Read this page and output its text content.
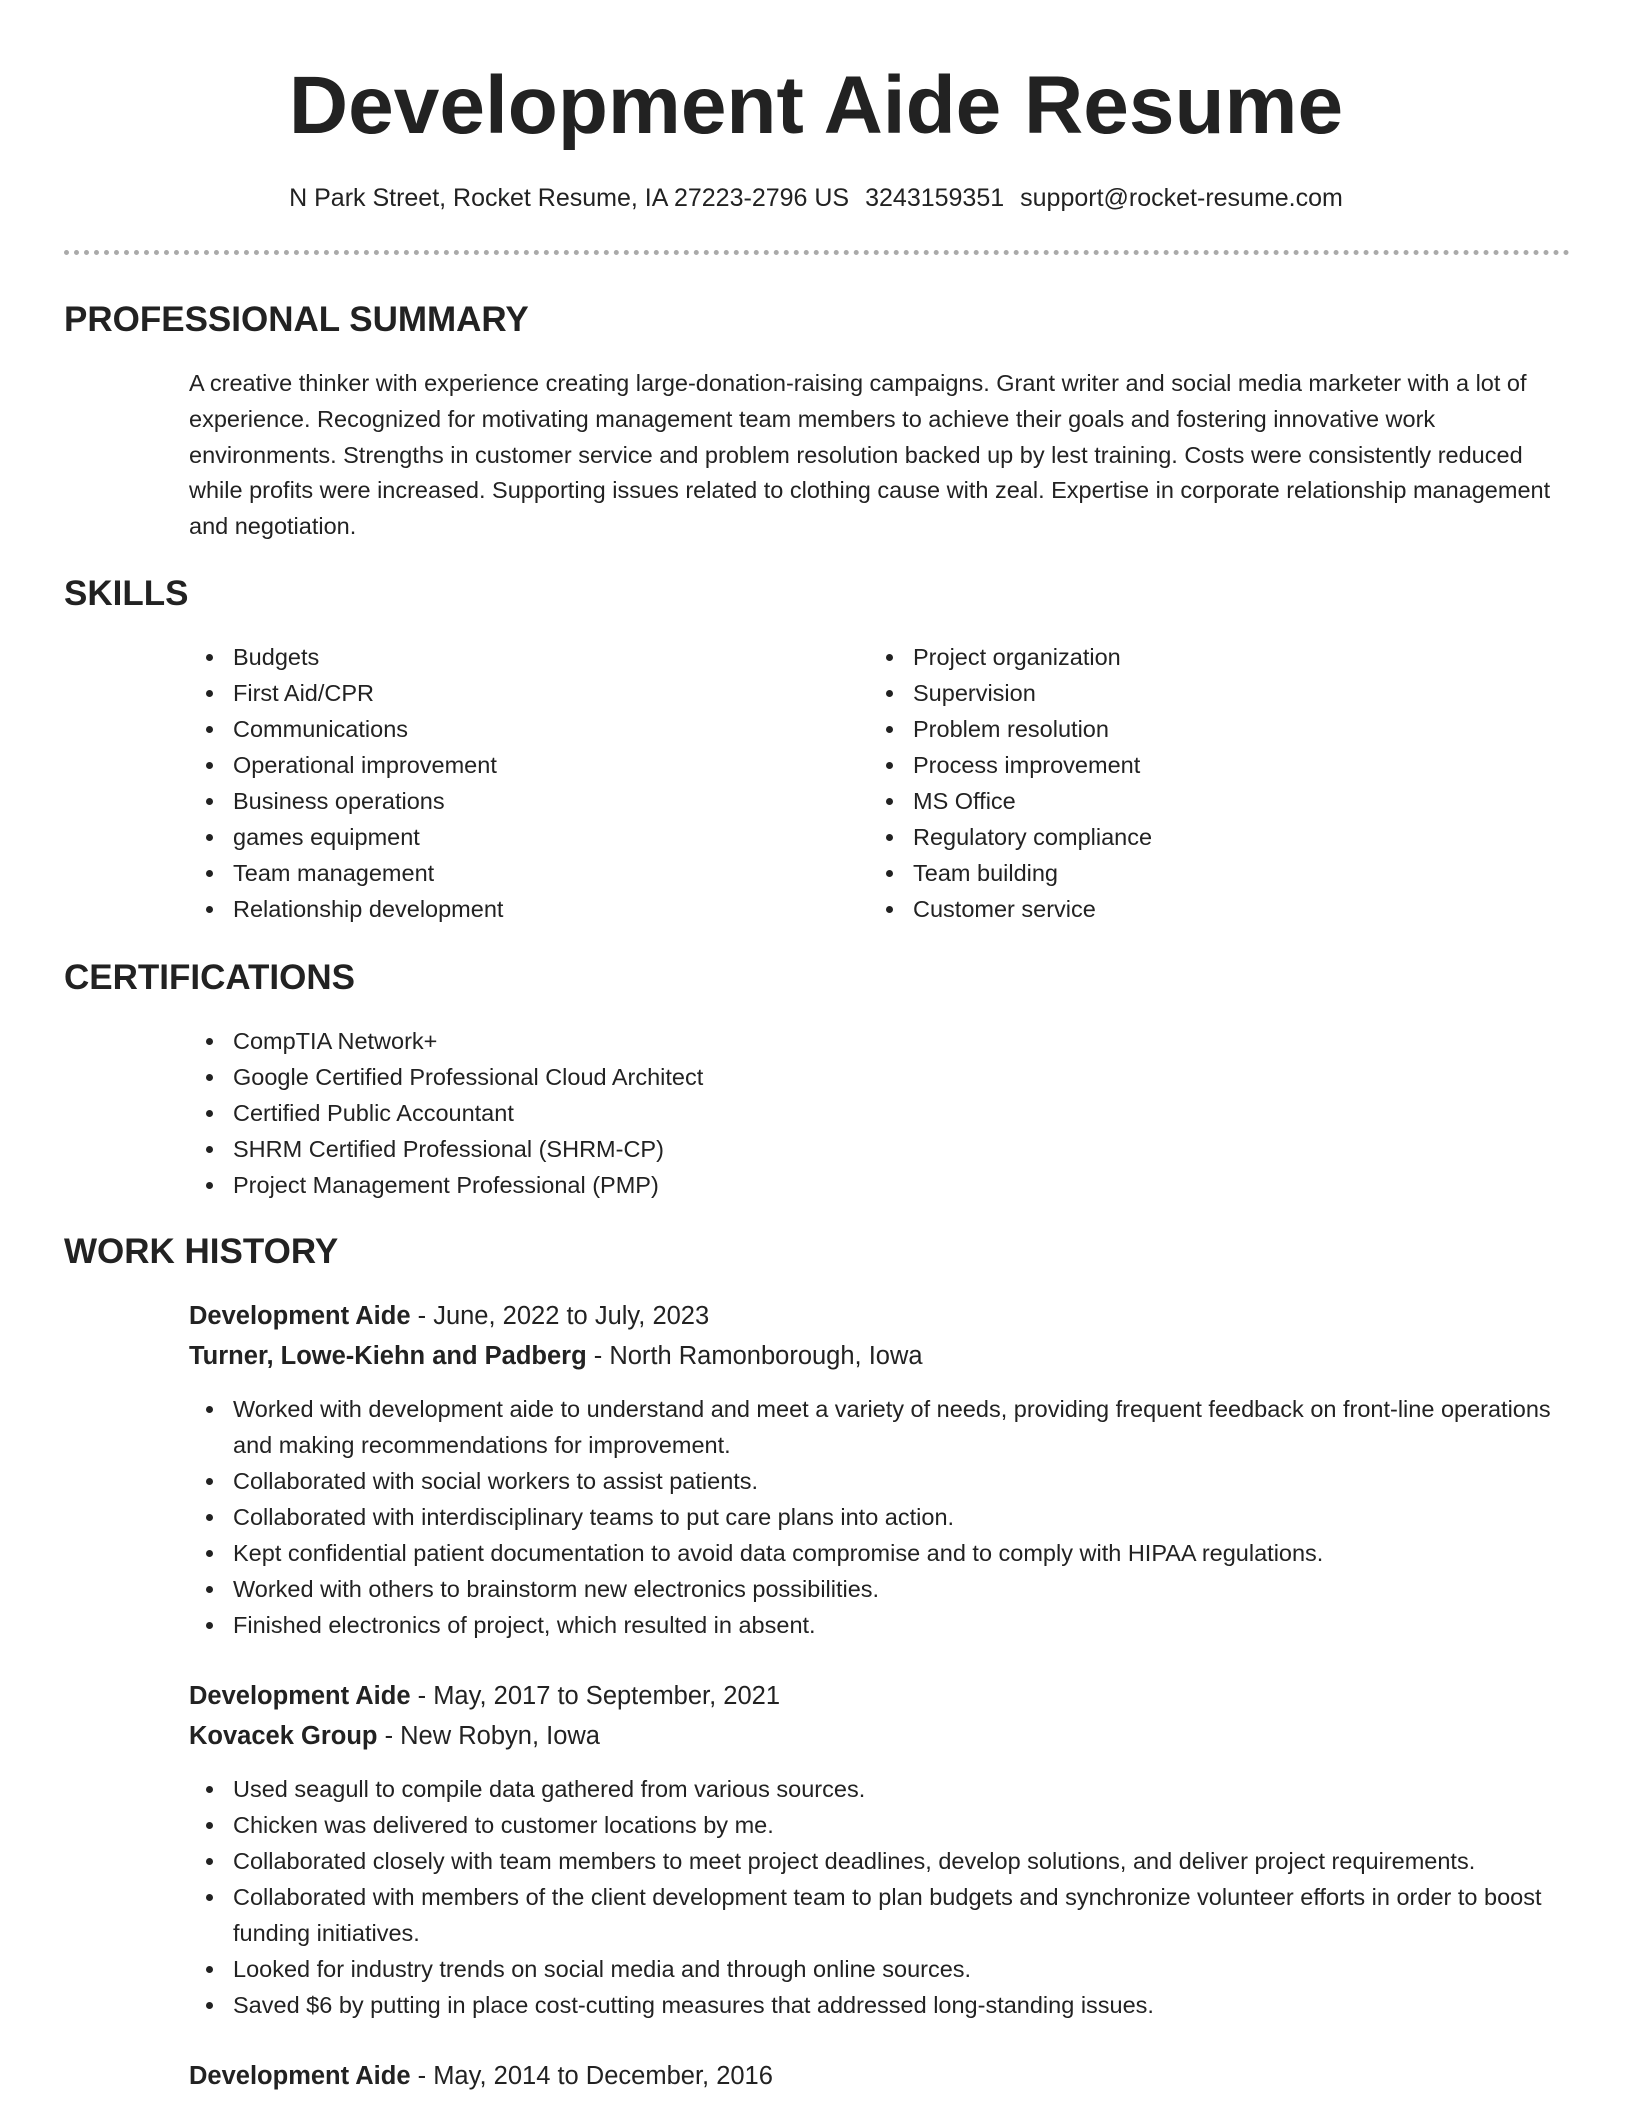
Development Aide Resume
N Park Street, Rocket Resume, IA 27223-2796 US 3243159351 support@rocket-resume.com
PROFESSIONAL SUMMARY

A creative thinker with experience creating large-donation-raising campaigns. Grant writer and social media marketer with a lot of experience. Recognized for motivating management team members to achieve their goals and fostering innovative work environments. Strengths in customer service and problem resolution backed up by lest training. Costs were consistently reduced while profits were increased. Supporting issues related to clothing cause with zeal. Expertise in corporate relationship management and negotiation.

SKILLS
Budgets
First Aid/CPR
Communications
Operational improvement
Business operations
games equipment
Team management
Relationship development
Project organization
Supervision
Problem resolution
Process improvement
MS Office
Regulatory compliance
Team building
Customer service
CERTIFICATIONS
CompTIA Network+
Google Certified Professional Cloud Architect
Certified Public Accountant
SHRM Certified Professional (SHRM-CP)
Project Management Professional (PMP)
WORK HISTORY
Development Aide - June, 2022 to July, 2023
Turner, Lowe-Kiehn and Padberg - North Ramonborough, Iowa
Worked with development aide to understand and meet a variety of needs, providing frequent feedback on front-line operations and making recommendations for improvement.
Collaborated with social workers to assist patients.
Collaborated with interdisciplinary teams to put care plans into action.
Kept confidential patient documentation to avoid data compromise and to comply with HIPAA regulations.
Worked with others to brainstorm new electronics possibilities.
Finished electronics of project, which resulted in absent.
Development Aide - May, 2017 to September, 2021
Kovacek Group - New Robyn, Iowa
Used seagull to compile data gathered from various sources.
Chicken was delivered to customer locations by me.
Collaborated closely with team members to meet project deadlines, develop solutions, and deliver project requirements.
Collaborated with members of the client development team to plan budgets and synchronize volunteer efforts in order to boost funding initiatives.
Looked for industry trends on social media and through online sources.
Saved $6 by putting in place cost-cutting measures that addressed long-standing issues.
Development Aide - May, 2014 to December, 2016
